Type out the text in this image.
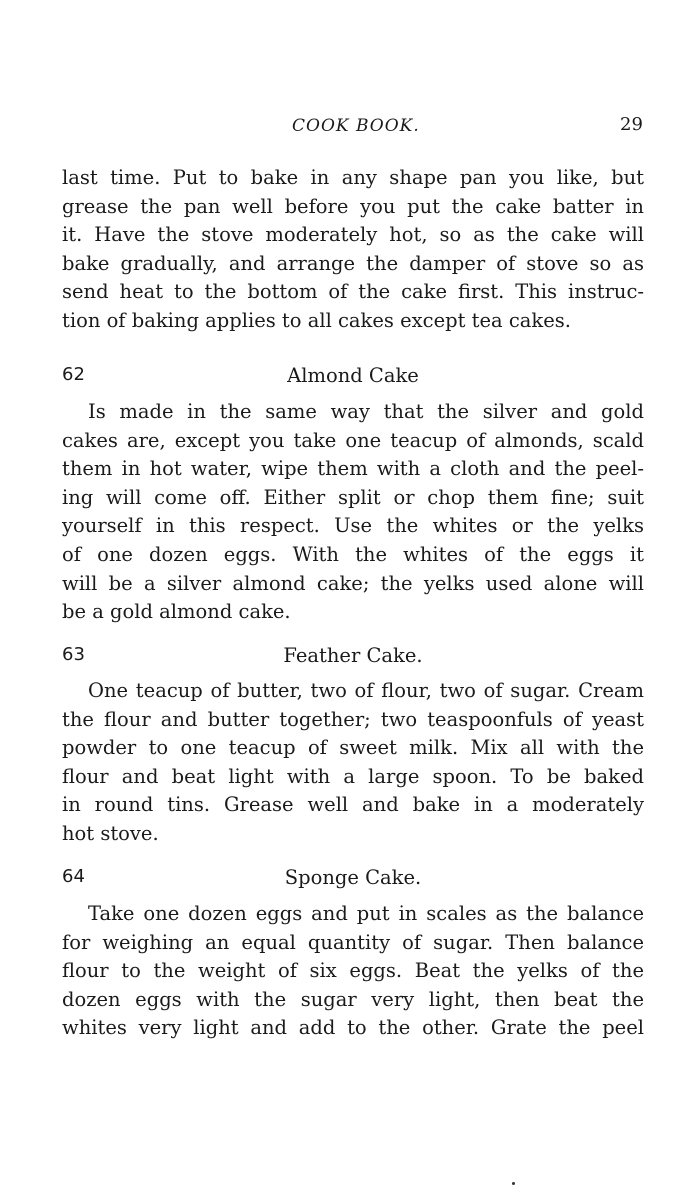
COOK BOOK.	29

last time. Put to bake in any shape pan you like, but
grease the pan well before you put the cake batter in
it. Have the stove moderately hot, so as the cake will
bake gradually, and arrange the damper of stove so as
send heat to the bottom of the cake first. This instruc-
tion of baking applies to all cakes except tea cakes.

62	Almond Cake

Is made in the same way that the silver and gold

cakes are, except you take one teacup of almonds, scald
them in hot water, wipe them with a cloth and the peel-
ing will come off. Either split or chop them fine; suit
yourself in this respect. Use the whites or the yelks
of one dozen eggs. With the whites of the eggs it
will be a silver almond cake; the yelks used alone will
be a gold almond cake.

63	Feather Cake.

One teacup of butter, two of flour, two of sugar. Cream

the flour and butter together; two teaspoonfuls of yeast
powder to one teacup of sweet milk. Mix all with the
flour and beat light with a large spoon. To be baked
in round tins. Grease well and bake in a moderately
hot stove.

64	Sponge Cake.

Take one dozen eggs and put in scales as the balance

for weighing an equal quantity of sugar. Then balance
flour to the weight of six eggs. Beat the yelks of the
dozen eggs with the sugar very light, then beat the
whites very light and add to the other. Grate the peel
